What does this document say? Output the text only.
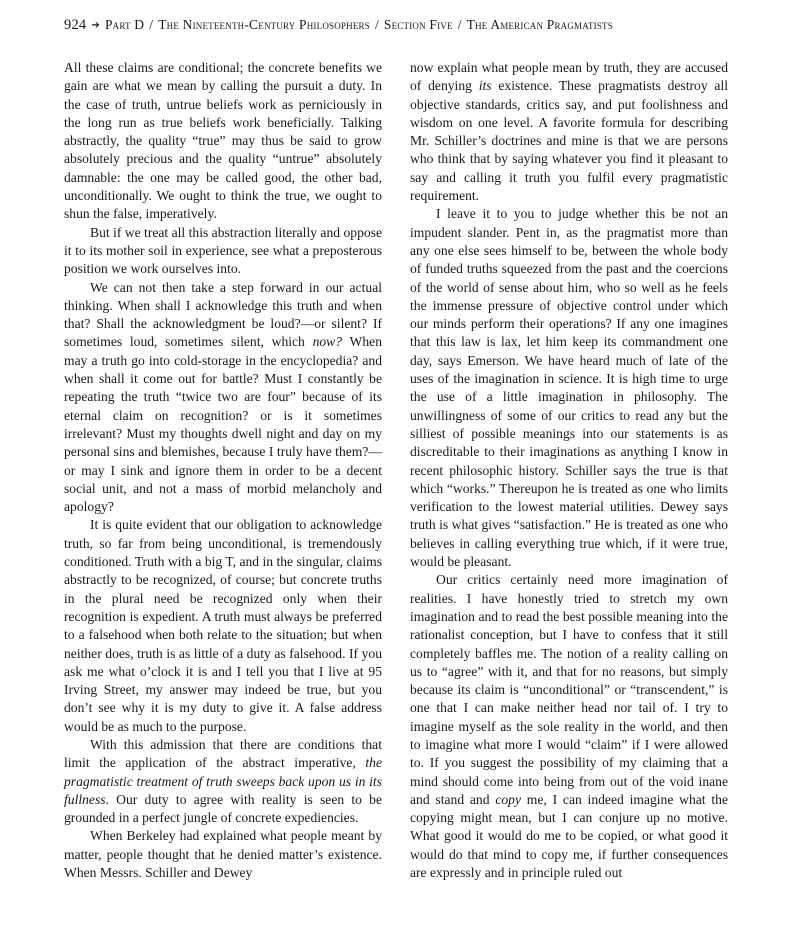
924 ➔ Part D / The Nineteenth-Century Philosophers / Section Five / The American Pragmatists

All these claims are conditional; the concrete benefits we gain are what we mean by calling the pursuit a duty. In the case of truth, untrue beliefs work as perniciously in the long run as true beliefs work beneficially. Talking abstractly, the quality “true” may thus be said to grow absolutely precious and the quality “untrue” absolutely damnable: the one may be called good, the other bad, unconditionally. We ought to think the true, we ought to shun the false, imperatively.

But if we treat all this abstraction literally and oppose it to its mother soil in experience, see what a preposterous position we work ourselves into.

We can not then take a step forward in our actual thinking. When shall I acknowledge this truth and when that? Shall the acknowledgment be loud?—or silent? If sometimes loud, sometimes silent, which now? When may a truth go into cold-storage in the encyclopedia? and when shall it come out for battle? Must I constantly be repeating the truth “twice two are four” because of its eternal claim on recognition? or is it sometimes irrelevant? Must my thoughts dwell night and day on my personal sins and blemishes, because I truly have them?—or may I sink and ignore them in order to be a decent social unit, and not a mass of morbid melancholy and apology?

It is quite evident that our obligation to acknowledge truth, so far from being unconditional, is tremendously conditioned. Truth with a big T, and in the singular, claims abstractly to be recognized, of course; but concrete truths in the plural need be recognized only when their recognition is expedient. A truth must always be preferred to a falsehood when both relate to the situation; but when neither does, truth is as little of a duty as falsehood. If you ask me what o’clock it is and I tell you that I live at 95 Irving Street, my answer may indeed be true, but you don’t see why it is my duty to give it. A false address would be as much to the purpose.

With this admission that there are conditions that limit the application of the abstract imperative, the pragmatistic treatment of truth sweeps back upon us in its fullness. Our duty to agree with reality is seen to be grounded in a perfect jungle of concrete expediencies.

When Berkeley had explained what people meant by matter, people thought that he denied matter’s existence. When Messrs. Schiller and Dewey

now explain what people mean by truth, they are accused of denying its existence. These pragmatists destroy all objective standards, critics say, and put foolishness and wisdom on one level. A favorite formula for describing Mr. Schiller’s doctrines and mine is that we are persons who think that by saying whatever you find it pleasant to say and calling it truth you fulfil every pragmatistic requirement.

I leave it to you to judge whether this be not an impudent slander. Pent in, as the pragmatist more than any one else sees himself to be, between the whole body of funded truths squeezed from the past and the coercions of the world of sense about him, who so well as he feels the immense pressure of objective control under which our minds perform their operations? If any one imagines that this law is lax, let him keep its commandment one day, says Emerson. We have heard much of late of the uses of the imagination in science. It is high time to urge the use of a little imagination in philosophy. The unwillingness of some of our critics to read any but the silliest of possible meanings into our statements is as discreditable to their imaginations as anything I know in recent philosophic history. Schiller says the true is that which “works.” Thereupon he is treated as one who limits verification to the lowest material utilities. Dewey says truth is what gives “satisfaction.” He is treated as one who believes in calling everything true which, if it were true, would be pleasant.

Our critics certainly need more imagination of realities. I have honestly tried to stretch my own imagination and to read the best possible meaning into the rationalist conception, but I have to confess that it still completely baffles me. The notion of a reality calling on us to “agree” with it, and that for no reasons, but simply because its claim is “unconditional” or “transcendent,” is one that I can make neither head nor tail of. I try to imagine myself as the sole reality in the world, and then to imagine what more I would “claim” if I were allowed to. If you suggest the possibility of my claiming that a mind should come into being from out of the void inane and stand and copy me, I can indeed imagine what the copying might mean, but I can conjure up no motive. What good it would do me to be copied, or what good it would do that mind to copy me, if further consequences are expressly and in principle ruled out
